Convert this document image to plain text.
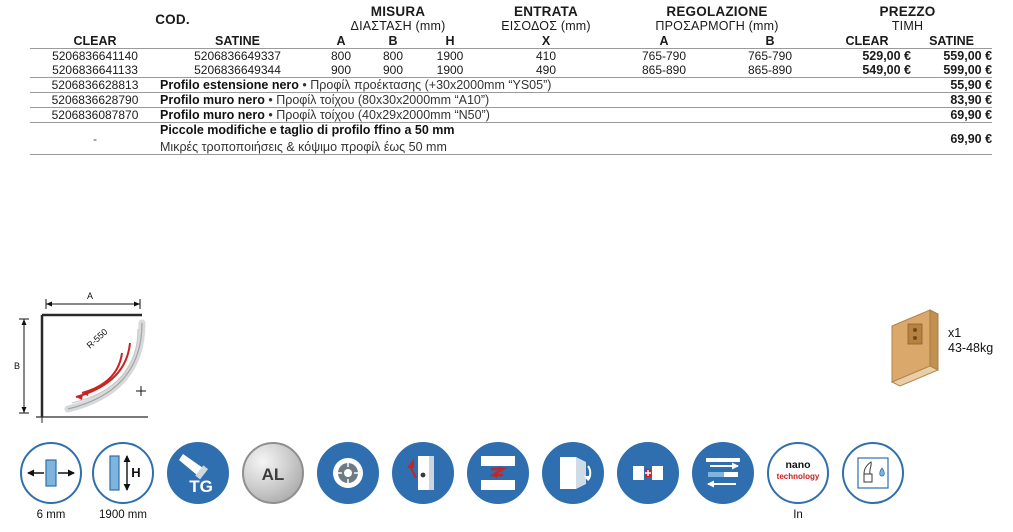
COD.		MISURA
ΔΙΑΣΤΑΣΗ (mm)			ENTRATA
ΕΙΣΟΔΟΣ (mm)	REGOLAZIONE
ΠΡΟΣΑΡΜΟΓΗ (mm)		PREZZO
TIMH	

CLEAR	SATINE	A	B	H	X	A	B	CLEAR	SATINE
5206836641140	5206836649337	800	800	1900	410	765-790	765-790	529,00 €	559,00 €
5206836641133	5206836649344	900	900	1900	490	865-890	865-890	549,00 €	599,00 €
5206836628813	Profilo estensione nero • Προφίλ προέκτασης (+30x2000mm “YS05”)								55,90 €
5206836628790	Profilo muro nero • Προφίλ τοίχου (80x30x2000mm “A10”)								83,90 €
5206836087870	Profilo muro nero • Προφίλ τοίχου (40x29x2000mm “N50”)								69,90 €
-	Piccole modifiche e taglio di profilo ffino a 50 mm
Μικρές τροποποιήσεις & κόψιμο προφίλ έως 50 mm								69,90 €
A
B
R-550	x1
43-48kg
6 mm
H
1900 mm
TG
AL	nano
technology
In
